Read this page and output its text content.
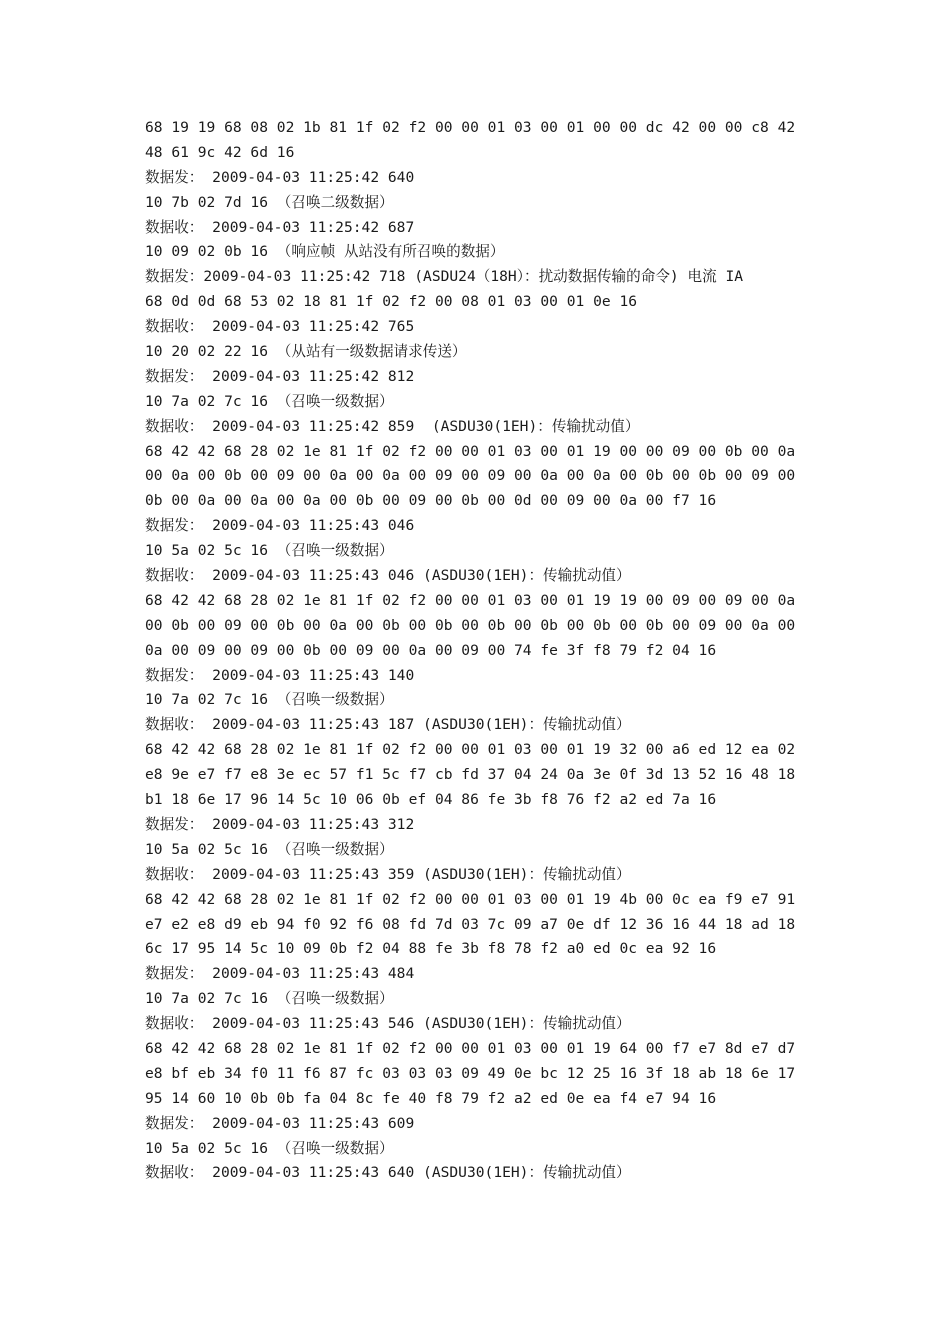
68 19 19 68 08 02 1b 81 1f 02 f2 00 00 01 03 00 01 00 00 dc 42 00 00 c8 42
48 61 9c 42 6d 16
数据发： 2009-04-03 11:25:42 640
10 7b 02 7d 16 （召唤二级数据）
数据收： 2009-04-03 11:25:42 687
10 09 02 0b 16 （响应帧 从站没有所召唤的数据）
数据发：2009-04-03 11:25:42 718 (ASDU24（18H）：扰动数据传输的命令) 电流 IA
68 0d 0d 68 53 02 18 81 1f 02 f2 00 08 01 03 00 01 0e 16
数据收： 2009-04-03 11:25:42 765
10 20 02 22 16 （从站有一级数据请求传送）
数据发： 2009-04-03 11:25:42 812
10 7a 02 7c 16 （召唤一级数据）
数据收： 2009-04-03 11:25:42 859  (ASDU30(1EH)：传输扰动值）
68 42 42 68 28 02 1e 81 1f 02 f2 00 00 01 03 00 01 19 00 00 09 00 0b 00 0a
00 0a 00 0b 00 09 00 0a 00 0a 00 09 00 09 00 0a 00 0a 00 0b 00 0b 00 09 00
0b 00 0a 00 0a 00 0a 00 0b 00 09 00 0b 00 0d 00 09 00 0a 00 f7 16
数据发： 2009-04-03 11:25:43 046
10 5a 02 5c 16 （召唤一级数据）
数据收： 2009-04-03 11:25:43 046 (ASDU30(1EH)：传输扰动值）
68 42 42 68 28 02 1e 81 1f 02 f2 00 00 01 03 00 01 19 19 00 09 00 09 00 0a
00 0b 00 09 00 0b 00 0a 00 0b 00 0b 00 0b 00 0b 00 0b 00 0b 00 09 00 0a 00
0a 00 09 00 09 00 0b 00 09 00 0a 00 09 00 74 fe 3f f8 79 f2 04 16
数据发： 2009-04-03 11:25:43 140
10 7a 02 7c 16 （召唤一级数据）
数据收： 2009-04-03 11:25:43 187 (ASDU30(1EH)：传输扰动值）
68 42 42 68 28 02 1e 81 1f 02 f2 00 00 01 03 00 01 19 32 00 a6 ed 12 ea 02
e8 9e e7 f7 e8 3e ec 57 f1 5c f7 cb fd 37 04 24 0a 3e 0f 3d 13 52 16 48 18
b1 18 6e 17 96 14 5c 10 06 0b ef 04 86 fe 3b f8 76 f2 a2 ed 7a 16
数据发： 2009-04-03 11:25:43 312
10 5a 02 5c 16 （召唤一级数据）
数据收： 2009-04-03 11:25:43 359 (ASDU30(1EH)：传输扰动值）
68 42 42 68 28 02 1e 81 1f 02 f2 00 00 01 03 00 01 19 4b 00 0c ea f9 e7 91
e7 e2 e8 d9 eb 94 f0 92 f6 08 fd 7d 03 7c 09 a7 0e df 12 36 16 44 18 ad 18
6c 17 95 14 5c 10 09 0b f2 04 88 fe 3b f8 78 f2 a0 ed 0c ea 92 16
数据发： 2009-04-03 11:25:43 484
10 7a 02 7c 16 （召唤一级数据）
数据收： 2009-04-03 11:25:43 546 (ASDU30(1EH)：传输扰动值）
68 42 42 68 28 02 1e 81 1f 02 f2 00 00 01 03 00 01 19 64 00 f7 e7 8d e7 d7
e8 bf eb 34 f0 11 f6 87 fc 03 03 03 09 49 0e bc 12 25 16 3f 18 ab 18 6e 17
95 14 60 10 0b 0b fa 04 8c fe 40 f8 79 f2 a2 ed 0e ea f4 e7 94 16
数据发： 2009-04-03 11:25:43 609
10 5a 02 5c 16 （召唤一级数据）
数据收： 2009-04-03 11:25:43 640 (ASDU30(1EH)：传输扰动值）
